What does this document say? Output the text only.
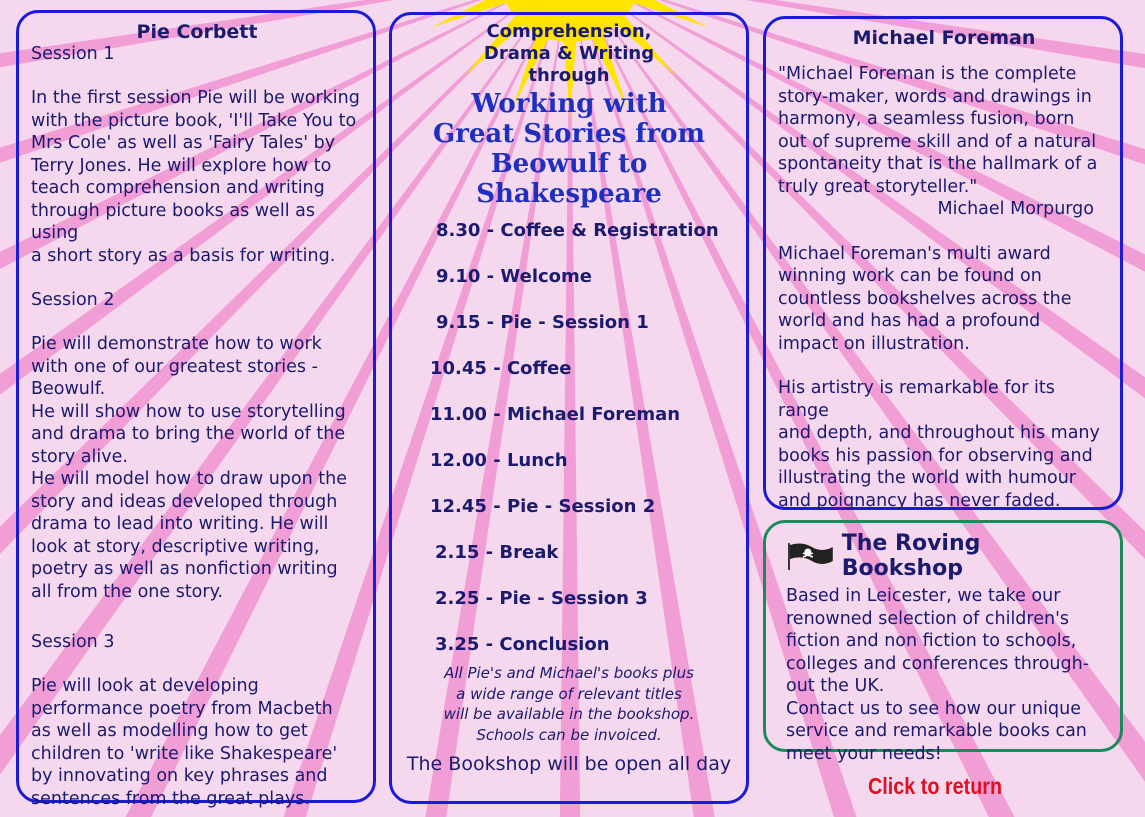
Pie Corbett
Session 1
In the first session Pie will be working
with the picture book, 'I'll Take You to
Mrs Cole' as well as 'Fairy Tales' by
Terry Jones. He will explore how to
teach comprehension and writing
through picture books as well as using
a short story as a basis for writing.
Session 2
Pie will demonstrate how to work
with one of our greatest stories -
Beowulf.
He will show how to use storytelling
and drama to bring the world of the
story alive.
He will model how to draw upon the
story and ideas developed through
drama to lead into writing. He will
look at story, descriptive writing,
poetry as well as nonfiction writing
all from the one story.
Session 3
Pie will look at developing
performance poetry from Macbeth
as well as modelling how to get
children to 'write like Shakespeare'
by innovating on key phrases and
sentences from the great plays.
Comprehension,
Drama & Writing
through
Working with
Great Stories from
Beowulf to
Shakespeare
8.30 - Coffee & Registration
9.10 - Welcome
9.15 - Pie - Session 1
10.45 - Coffee
11.00 - Michael Foreman
12.00 - Lunch
12.45 - Pie - Session 2
2.15 - Break
2.25 - Pie - Session 3
3.25 - Conclusion
All Pie's and Michael's books plus
a wide range of relevant titles
will be available in the bookshop.
Schools can be invoiced.
The Bookshop will be open all day
Michael Foreman
"Michael Foreman is the complete
story-maker, words and drawings in
harmony, a seamless fusion, born
out of supreme skill and of a natural
spontaneity that is the hallmark of a
truly great storyteller."
Michael Morpurgo
Michael Foreman's multi award
winning work can be found on
countless bookshelves across the
world and has had a profound
impact on illustration.
His artistry is remarkable for its range
and depth, and throughout his many
books his passion for observing and
illustrating the world with humour
and poignancy has never faded.
The Roving Bookshop
Based in Leicester, we take our
renowned selection of children's
fiction and non fiction to schools,
colleges and conferences through-
out the UK.
Contact us to see how our unique
service and remarkable books can
meet your needs!
Click to return
